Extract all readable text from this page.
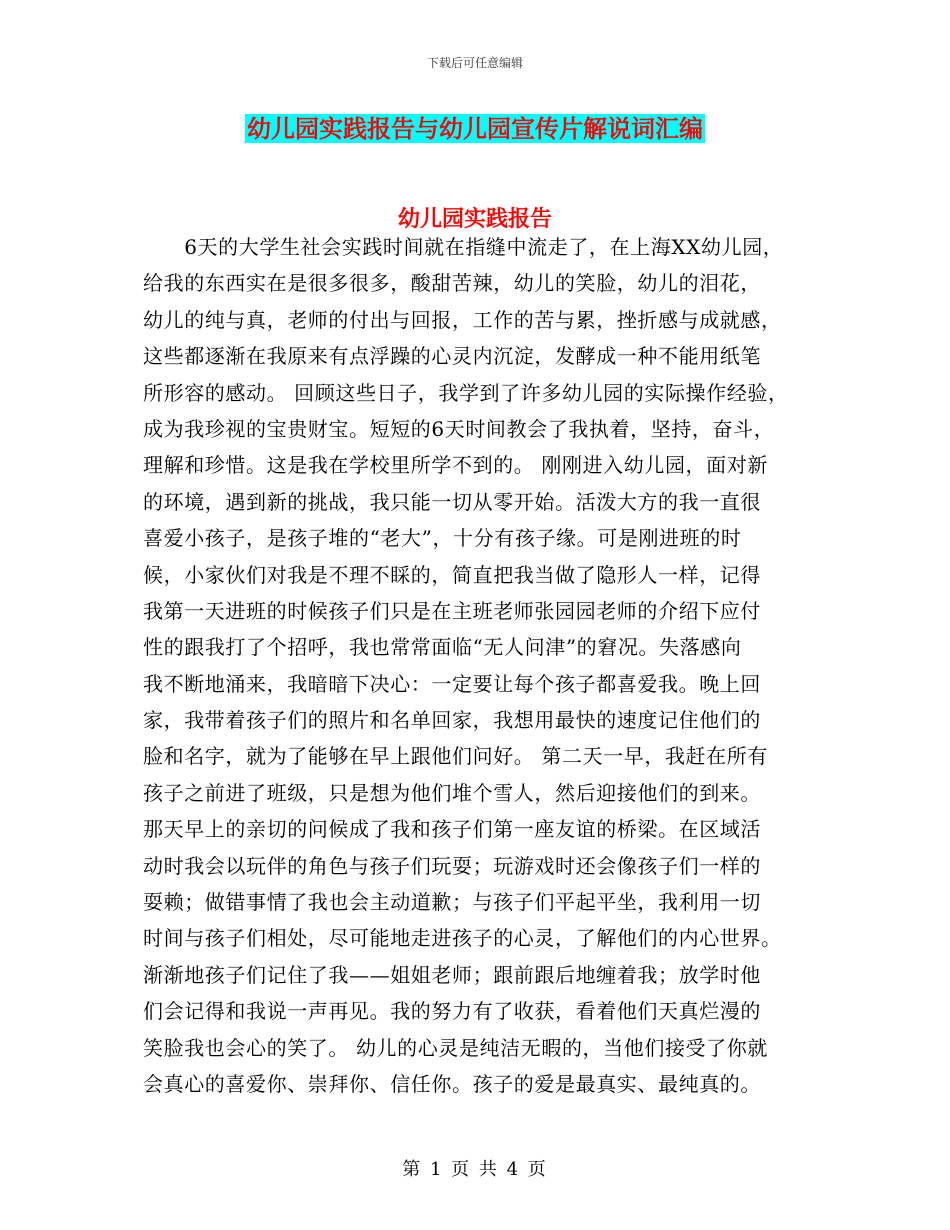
下载后可任意编辑
幼儿园实践报告与幼儿园宣传片解说词汇编
幼儿园实践报告
　　6天的大学生社会实践时间就在指缝中流走了，在上海XX幼儿园，
给我的东西实在是很多很多，酸甜苦辣，幼儿的笑脸，幼儿的泪花，
幼儿的纯与真，老师的付出与回报，工作的苦与累，挫折感与成就感，
这些都逐渐在我原来有点浮躁的心灵内沉淀，发酵成一种不能用纸笔
所形容的感动。 回顾这些日子，我学到了许多幼儿园的实际操作经验，
成为我珍视的宝贵财宝。短短的6天时间教会了我执着，坚持，奋斗，
理解和珍惜。这是我在学校里所学不到的。 刚刚进入幼儿园，面对新
的环境，遇到新的挑战，我只能一切从零开始。活泼大方的我一直很
喜爱小孩子，是孩子堆的“老大”，十分有孩子缘。可是刚进班的时
候，小家伙们对我是不理不睬的，简直把我当做了隐形人一样，记得
我第一天进班的时候孩子们只是在主班老师张园园老师的介绍下应付
性的跟我打了个招呼，我也常常面临“无人问津”的窘况。失落感向
我不断地涌来，我暗暗下决心：一定要让每个孩子都喜爱我。晚上回
家，我带着孩子们的照片和名单回家，我想用最快的速度记住他们的
脸和名字，就为了能够在早上跟他们问好。 第二天一早，我赶在所有
孩子之前进了班级，只是想为他们堆个雪人，然后迎接他们的到来。
那天早上的亲切的问候成了我和孩子们第一座友谊的桥梁。在区域活
动时我会以玩伴的角色与孩子们玩耍；玩游戏时还会像孩子们一样的
耍赖；做错事情了我也会主动道歉；与孩子们平起平坐，我利用一切
时间与孩子们相处，尽可能地走进孩子的心灵，了解他们的内心世界。
渐渐地孩子们记住了我——姐姐老师；跟前跟后地缠着我；放学时他
们会记得和我说一声再见。我的努力有了收获，看着他们天真烂漫的
笑脸我也会心的笑了。 幼儿的心灵是纯洁无暇的，当他们接受了你就
会真心的喜爱你、崇拜你、信任你。孩子的爱是最真实、最纯真的。
第 1 页 共 4 页
